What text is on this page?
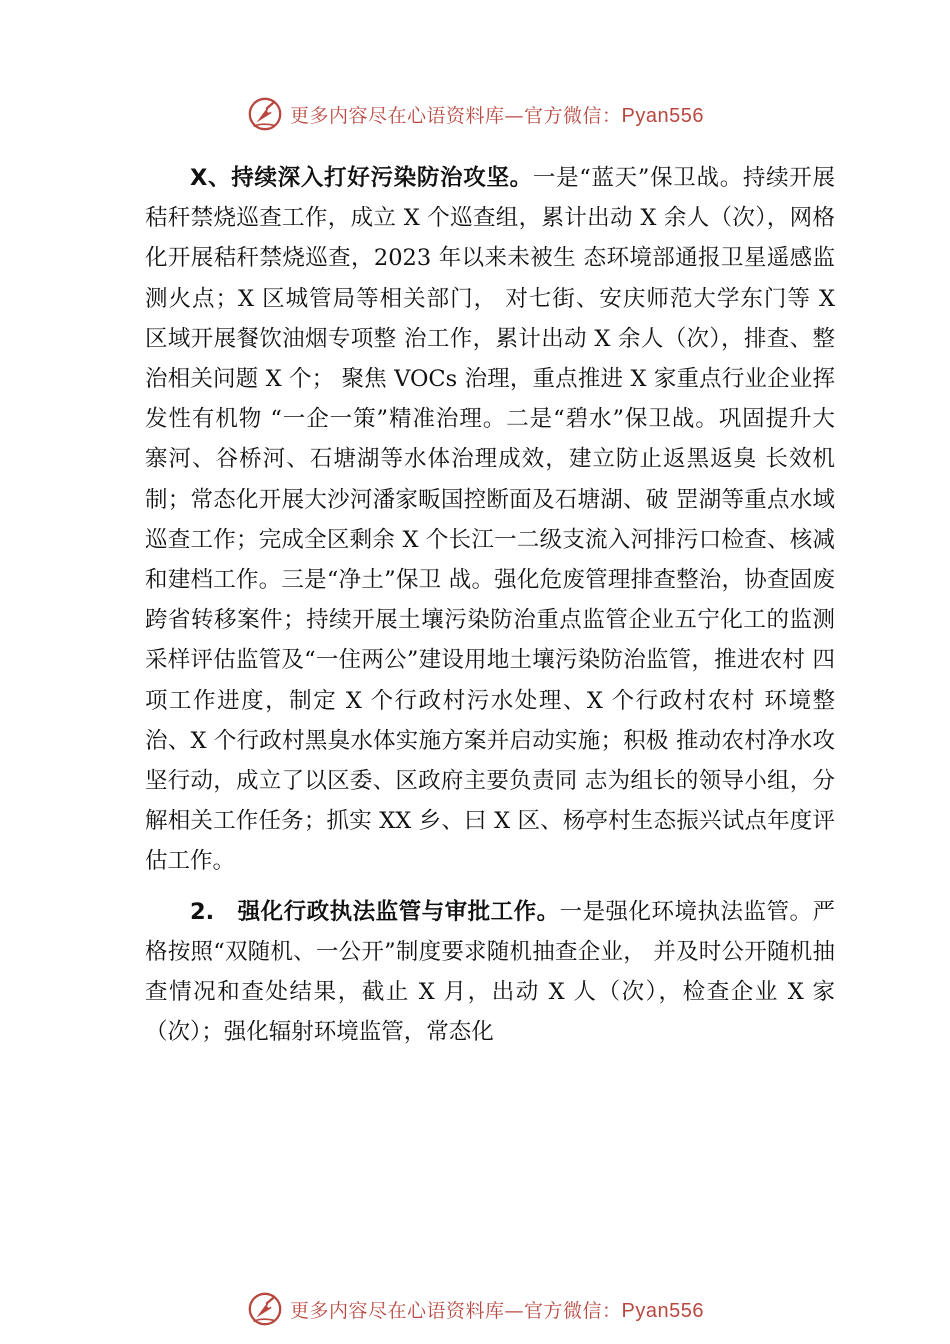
更多内容尽在心语资料库—官方微信：Pyan556

X、持续深入打好污染防治攻坚。一是“蓝天”保卫战。持续开展秸秆禁烧巡查工作，成立 X 个巡查组，累计出动 X 余人（次），网格化开展秸秆禁烧巡查，2023 年以来未被生 态环境部通报卫星遥感监测火点；X 区城管局等相关部门， 对七街、安庆师范大学东门等 X 区域开展餐饮油烟专项整 治工作，累计出动 X 余人（次），排查、整治相关问题 X 个； 聚焦 VOCs 治理，重点推进 X 家重点行业企业挥发性有机物 “一企一策”精准治理。二是“碧水”保卫战。巩固提升大 寨河、谷桥河、石塘湖等水体治理成效，建立防止返黑返臭 长效机制；常态化开展大沙河潘家畈国控断面及石塘湖、破 罡湖等重点水域巡查工作；完成全区剩余 X 个长江一二级支流入河排污口检查、核减和建档工作。三是“净土”保卫 战。强化危废管理排查整治，协查固废跨省转移案件；持续开展土壤污染防治重点监管企业五宁化工的监测采样评估监管及“一住两公”建设用地土壤污染防治监管，推进农村 四项工作进度，制定 X 个行政村污水处理、X 个行政村农村 环境整治、X 个行政村黑臭水体实施方案并启动实施；积极 推动农村净水攻坚行动，成立了以区委、区政府主要负责同 志为组长的领导小组，分解相关工作任务；抓实 XX 乡、曰 X 区、杨亭村生态振兴试点年度评估工作。

2.　强化行政执法监管与审批工作。一是强化环境执法监管。严格按照“双随机、一公开”制度要求随机抽查企业， 并及时公开随机抽查情况和查处结果，截止 X 月，出动 X 人（次），检查企业 X 家（次）；强化辐射环境监管，常态化

更多内容尽在心语资料库—官方微信：Pyan556
